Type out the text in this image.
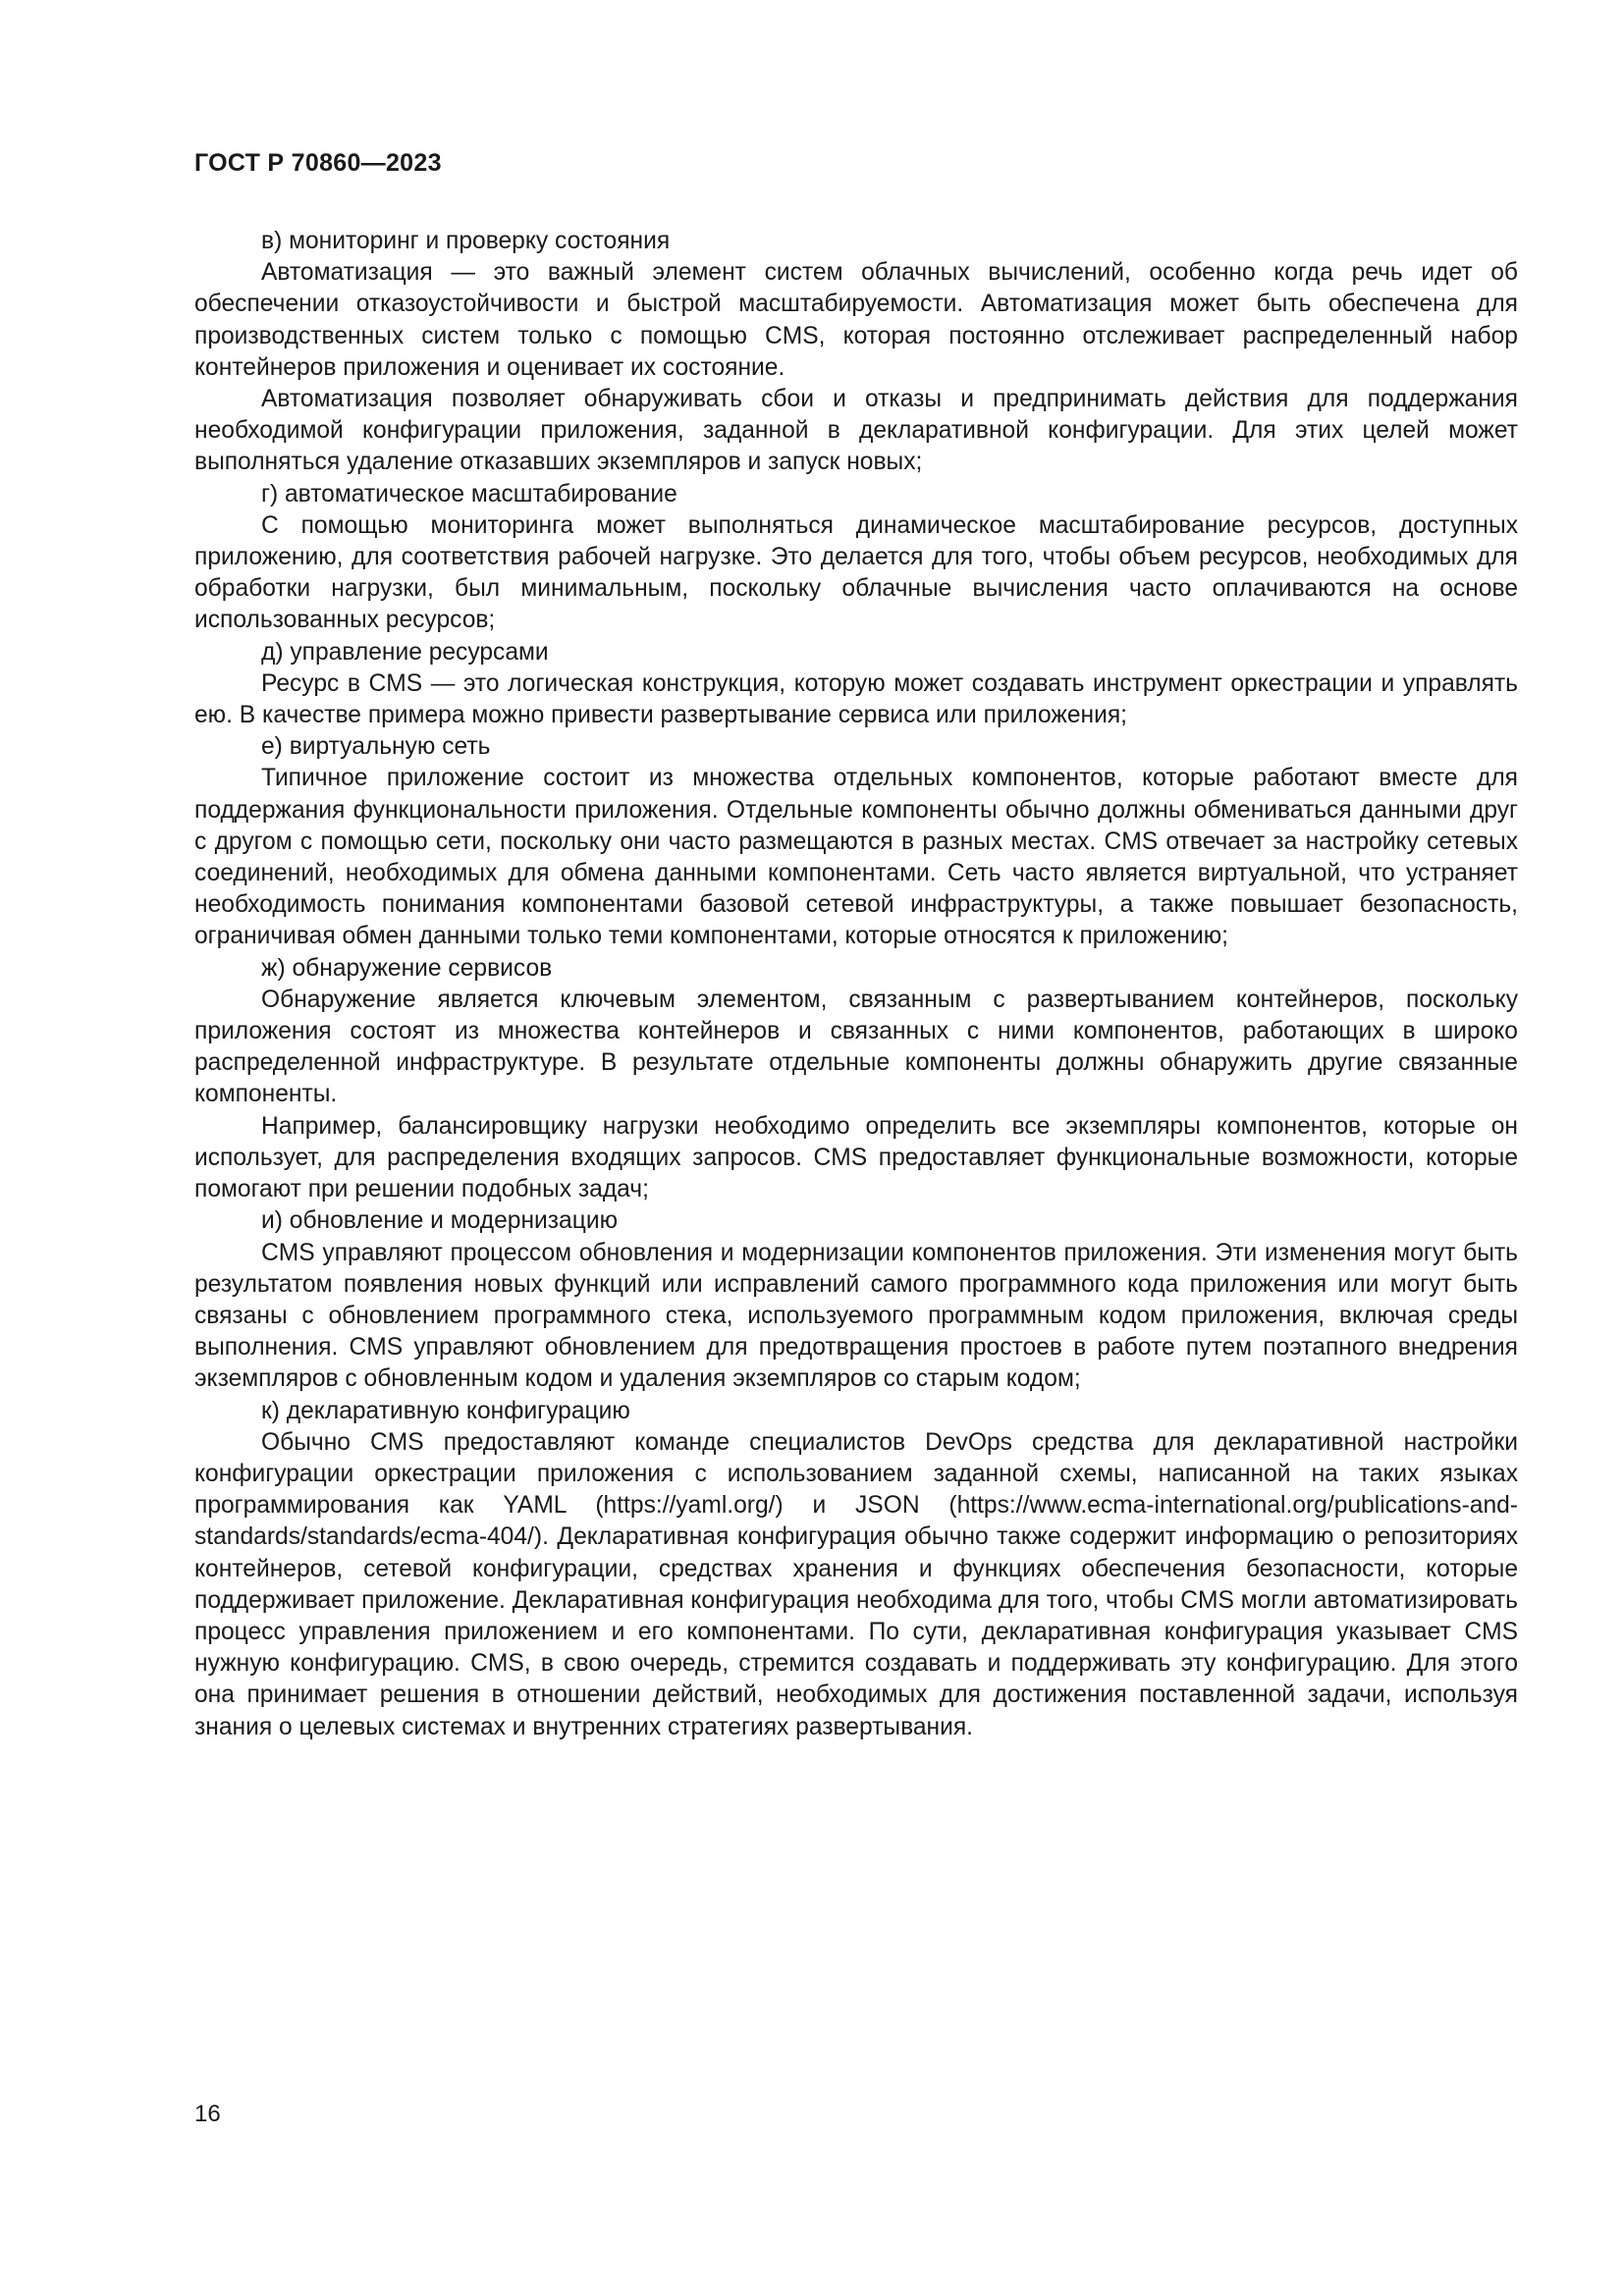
ГОСТ Р 70860—2023

в) мониторинг и проверку состояния

Автоматизация — это важный элемент систем облачных вычислений, особенно когда речь идет об обеспечении отказоустойчивости и быстрой масштабируемости. Автоматизация может быть обеспечена для производственных систем только с помощью CMS, которая постоянно отслеживает распределенный набор контейнеров приложения и оценивает их состояние.

Автоматизация позволяет обнаруживать сбои и отказы и предпринимать действия для поддержания необходимой конфигурации приложения, заданной в декларативной конфигурации. Для этих целей может выполняться удаление отказавших экземпляров и запуск новых;

г) автоматическое масштабирование

С помощью мониторинга может выполняться динамическое масштабирование ресурсов, доступных приложению, для соответствия рабочей нагрузке. Это делается для того, чтобы объем ресурсов, необходимых для обработки нагрузки, был минимальным, поскольку облачные вычисления часто оплачиваются на основе использованных ресурсов;

д) управление ресурсами

Ресурс в CMS — это логическая конструкция, которую может создавать инструмент оркестрации и управлять ею. В качестве примера можно привести развертывание сервиса или приложения;

е) виртуальную сеть

Типичное приложение состоит из множества отдельных компонентов, которые работают вместе для поддержания функциональности приложения. Отдельные компоненты обычно должны обмениваться данными друг с другом с помощью сети, поскольку они часто размещаются в разных местах. CMS отвечает за настройку сетевых соединений, необходимых для обмена данными компонентами. Сеть часто является виртуальной, что устраняет необходимость понимания компонентами базовой сетевой инфраструктуры, а также повышает безопасность, ограничивая обмен данными только теми компонентами, которые относятся к приложению;

ж) обнаружение сервисов

Обнаружение является ключевым элементом, связанным с развертыванием контейнеров, поскольку приложения состоят из множества контейнеров и связанных с ними компонентов, работающих в широко распределенной инфраструктуре. В результате отдельные компоненты должны обнаружить другие связанные компоненты.

Например, балансировщику нагрузки необходимо определить все экземпляры компонентов, которые он использует, для распределения входящих запросов. CMS предоставляет функциональные возможности, которые помогают при решении подобных задач;

и) обновление и модернизацию

CMS управляют процессом обновления и модернизации компонентов приложения. Эти изменения могут быть результатом появления новых функций или исправлений самого программного кода приложения или могут быть связаны с обновлением программного стека, используемого программным кодом приложения, включая среды выполнения. CMS управляют обновлением для предотвращения простоев в работе путем поэтапного внедрения экземпляров с обновленным кодом и удаления экземпляров со старым кодом;

к) декларативную конфигурацию

Обычно CMS предоставляют команде специалистов DevOps средства для декларативной настройки конфигурации оркестрации приложения с использованием заданной схемы, написанной на таких языках программирования как YAML (https://yaml.org/) и JSON (https://www.ecma-international.org/publications-and-standards/standards/ecma-404/). Декларативная конфигурация обычно также содержит информацию о репозиториях контейнеров, сетевой конфигурации, средствах хранения и функциях обеспечения безопасности, которые поддерживает приложение. Декларативная конфигурация необходима для того, чтобы CMS могли автоматизировать процесс управления приложением и его компонентами. По сути, декларативная конфигурация указывает CMS нужную конфигурацию. CMS, в свою очередь, стремится создавать и поддерживать эту конфигурацию. Для этого она принимает решения в отношении действий, необходимых для достижения поставленной задачи, используя знания о целевых системах и внутренних стратегиях развертывания.

16
